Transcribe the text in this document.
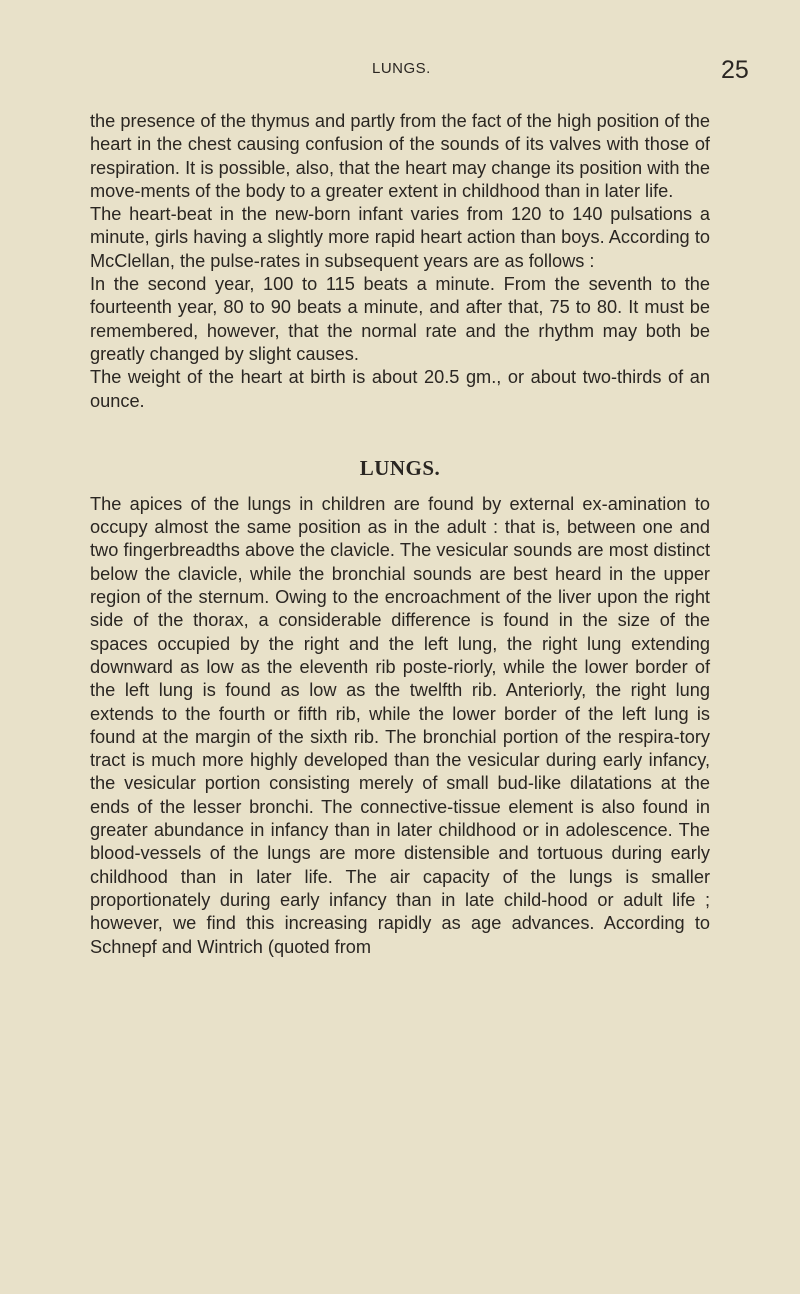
LUNGS.	25

the presence of the thymus and partly from the fact of the high position of the heart in the chest causing confusion of the sounds of its valves with those of respiration. It is possible, also, that the heart may change its position with the move-ments of the body to a greater extent in childhood than in later life.

The heart-beat in the new-born infant varies from 120 to 140 pulsations a minute, girls having a slightly more rapid heart action than boys. According to McClellan, the pulse-rates in subsequent years are as follows :

In the second year, 100 to 115 beats a minute. From the seventh to the fourteenth year, 80 to 90 beats a minute, and after that, 75 to 80. It must be remembered, however, that the normal rate and the rhythm may both be greatly changed by slight causes.

The weight of the heart at birth is about 20.5 gm., or about two-thirds of an ounce.

LUNGS.

The apices of the lungs in children are found by external ex-amination to occupy almost the same position as in the adult : that is, between one and two fingerbreadths above the clavicle. The vesicular sounds are most distinct below the clavicle, while the bronchial sounds are best heard in the upper region of the sternum. Owing to the encroachment of the liver upon the right side of the thorax, a considerable difference is found in the size of the spaces occupied by the right and the left lung, the right lung extending downward as low as the eleventh rib poste-riorly, while the lower border of the left lung is found as low as the twelfth rib. Anteriorly, the right lung extends to the fourth or fifth rib, while the lower border of the left lung is found at the margin of the sixth rib. The bronchial portion of the respira-tory tract is much more highly developed than the vesicular during early infancy, the vesicular portion consisting merely of small bud-like dilatations at the ends of the lesser bronchi. The connective-tissue element is also found in greater abundance in infancy than in later childhood or in adolescence. The blood-vessels of the lungs are more distensible and tortuous during early childhood than in later life. The air capacity of the lungs is smaller proportionately during early infancy than in late child-hood or adult life ; however, we find this increasing rapidly as age advances. According to Schnepf and Wintrich (quoted from
